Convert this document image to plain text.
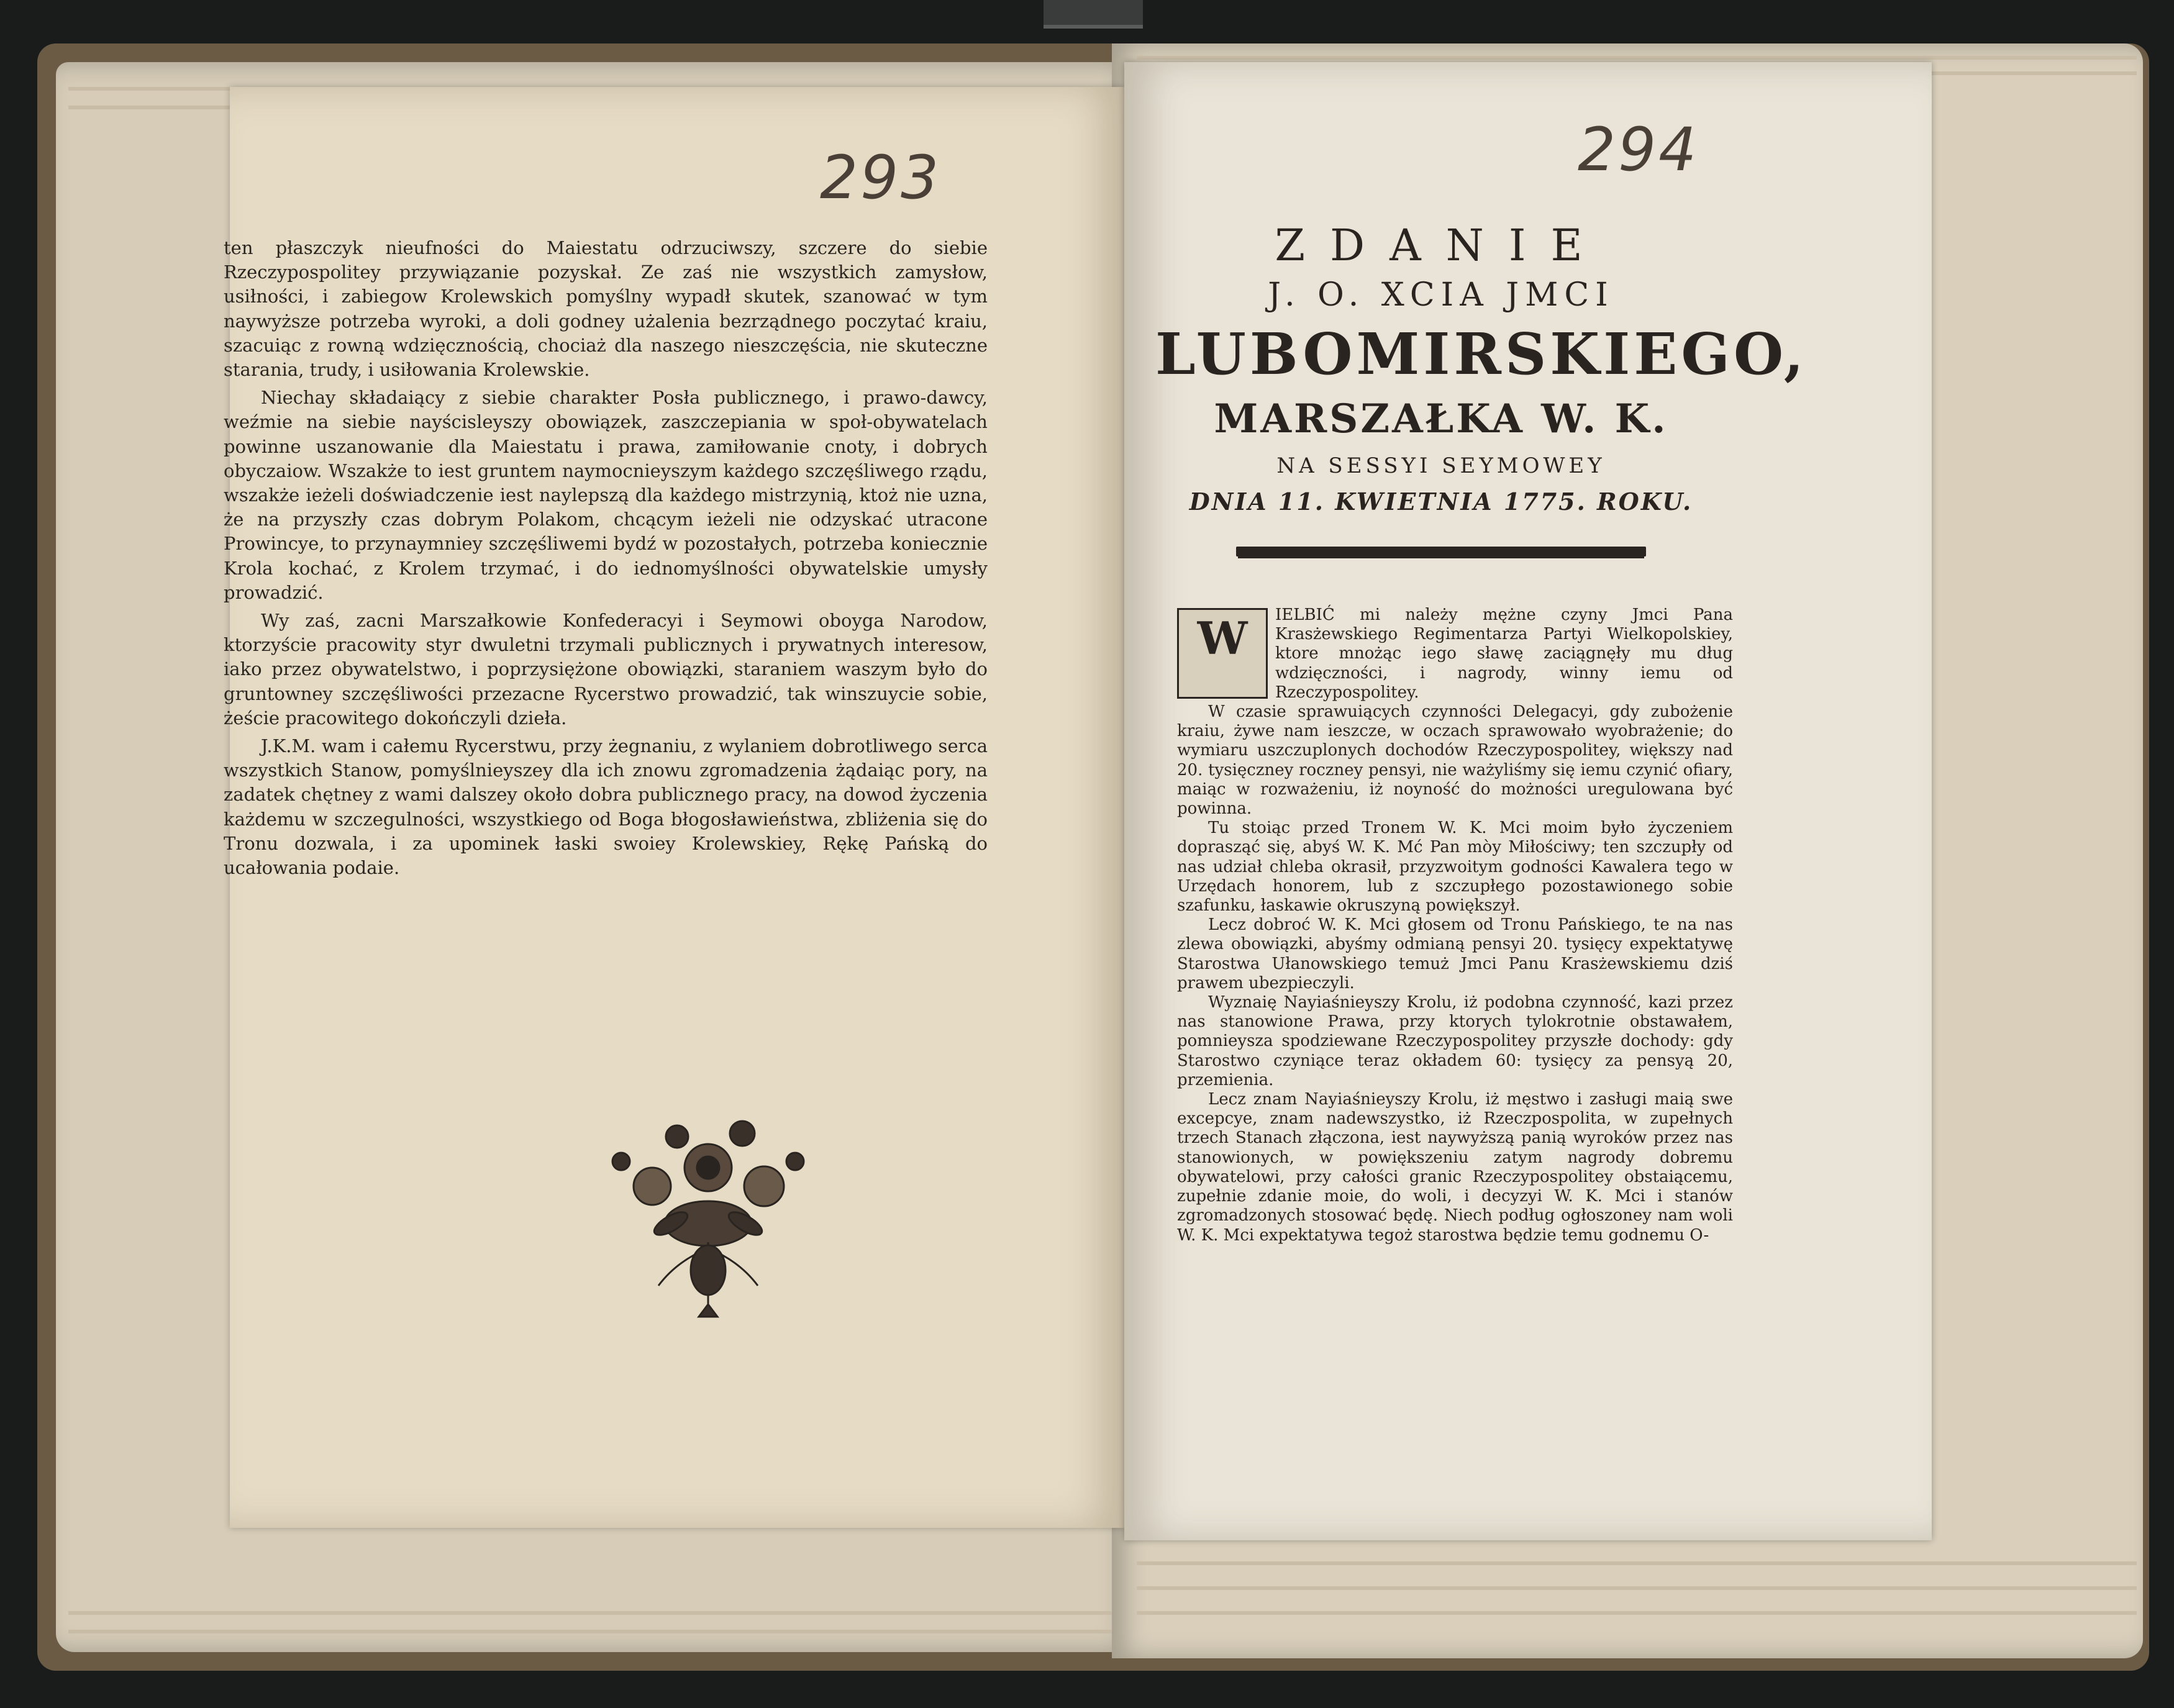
293	294

ten płaszczyk nieufności do Maiestatu odrzuciwszy, szczere do siebie Rzeczypospolitey przywiązanie pozyskał. Ze zaś nie wszystkich zamysłow, usiłności, i zabiegow Krolewskich pomyślny wypadł skutek, szanować w tym naywyższe potrzeba wyroki, a doli godney użalenia bezrządnego poczytać kraiu, szacuiąc z rowną wdzięcznością, chociaż dla naszego nieszczęścia, nie skuteczne starania, trudy, i usiłowania Krolewskie.

Niechay składaiący z siebie charakter Posła publicznego, i prawo-dawcy, weźmie na siebie nayścisleyszy obowiązek, zaszczepiania w społ-obywatelach powinne uszanowanie dla Maiestatu i prawa, zamiłowanie cnoty, i dobrych obyczaiow. Wszakże to iest gruntem naymocnieyszym każdego szczęśliwego rządu, wszakże ieżeli doświadczenie iest naylepszą dla każdego mistrzynią, ktoż nie uzna, że na przyszły czas dobrym Polakom, chcącym ieżeli nie odzyskać utracone Prowincye, to przynaymniey szczęśliwemi bydź w pozostałych, potrzeba koniecznie Krola kochać, z Krolem trzymać, i do iednomyślności obywatelskie umysły prowadzić.

Wy zaś, zacni Marszałkowie Konfederacyi i Seymowi oboyga Narodow, ktorzyście pracowity styr dwuletni trzymali publicznych i prywatnych interesow, iako przez obywatelstwo, i poprzysiężone obowiązki, staraniem waszym było do gruntowney szczęśliwości przezacne Rycerstwo prowadzić, tak winszuycie sobie, żeście pracowitego dokończyli dzieła.

J.K.M. wam i całemu Rycerstwu, przy żegnaniu, z wylaniem dobrotliwego serca wszystkich Stanow, pomyślnieyszey dla ich znowu zgromadzenia żądaiąc pory, na zadatek chętney z wami dalszey około dobra publicznego pracy, na dowod życzenia każdemu w szczegulności, wszystkiego od Boga błogosławieństwa, zbliżenia się do Tronu dozwala, i za upominek łaski swoiey Krolewskiey, Rękę Pańską do ucałowania podaie.

ZDANIE
J. O. XCIA JMCI
LUBOMIRSKIEGO,
MARSZAŁKA W. K.
NA SESSYI SEYMOWEY
DNIA 11. KWIETNIA 1775. ROKU.
W	IELBIĆ mi należy mężne czyny Jmci Pana Krasżewskiego Regimentarza Partyi Wielkopolskiey, ktore mnożąc iego sławę zaciągnęły mu dług wdzięczności, i nagrody, winny iemu od Rzeczypospolitey.

W czasie sprawuiących czynności Delegacyi, gdy zubożenie kraiu, żywe nam ieszcze, w oczach sprawowało wyobrażenie; do wymiaru uszczuplonych dochodów Rzeczypospolitey, większy nad 20. tysięczney roczney pensyi, nie ważyliśmy się iemu czynić ofiary, maiąc w rozważeniu, iż noyność do możności uregulowana być powinna.

Tu stoiąc przed Tronem W. K. Mci moim było życzeniem doprasząć się, abyś W. K. Mć Pan mòy Miłościwy; ten szczupły od nas udział chleba okrasił, przyzwoitym godności Kawalera tego w Urzędach honorem, lub z szczupłego pozostawionego sobie szafunku, łaskawie okruszyną powiększył.

Lecz dobroć W. K. Mci głosem od Tronu Pańskiego, te na nas zlewa obowiązki, abyśmy odmianą pensyi 20. tysięcy expektatywę Starostwa Ułanowskiego temuż Jmci Panu Krasżewskiemu dziś prawem ubezpieczyli.

Wyznaię Nayiaśnieyszy Krolu, iż podobna czynność, kazi przez nas stanowione Prawa, przy ktorych tylokrotnie obstawałem, pomnieysza spodziewane Rzeczypospolitey przyszłe dochody: gdy Starostwo czyniące teraz okładem 60: tysięcy za pensyą 20, przemienia.

Lecz znam Nayiaśnieyszy Krolu, iż męstwo i zasługi maią swe excepcye, znam nadewszystko, iż Rzeczpospolita, w zupełnych trzech Stanach złączona, iest naywyższą panią wyroków przez nas stanowionych, w powiększeniu zatym nagrody dobremu obywatelowi, przy całości granic Rzeczypospolitey obstaiącemu, zupełnie zdanie moie, do woli, i decyzyi W. K. Mci i stanów zgromadzonych stosować będę. Niech podług ogłoszoney nam woli W. K. Mci expektatywa tegoż starostwa będzie temu godnemu O-
